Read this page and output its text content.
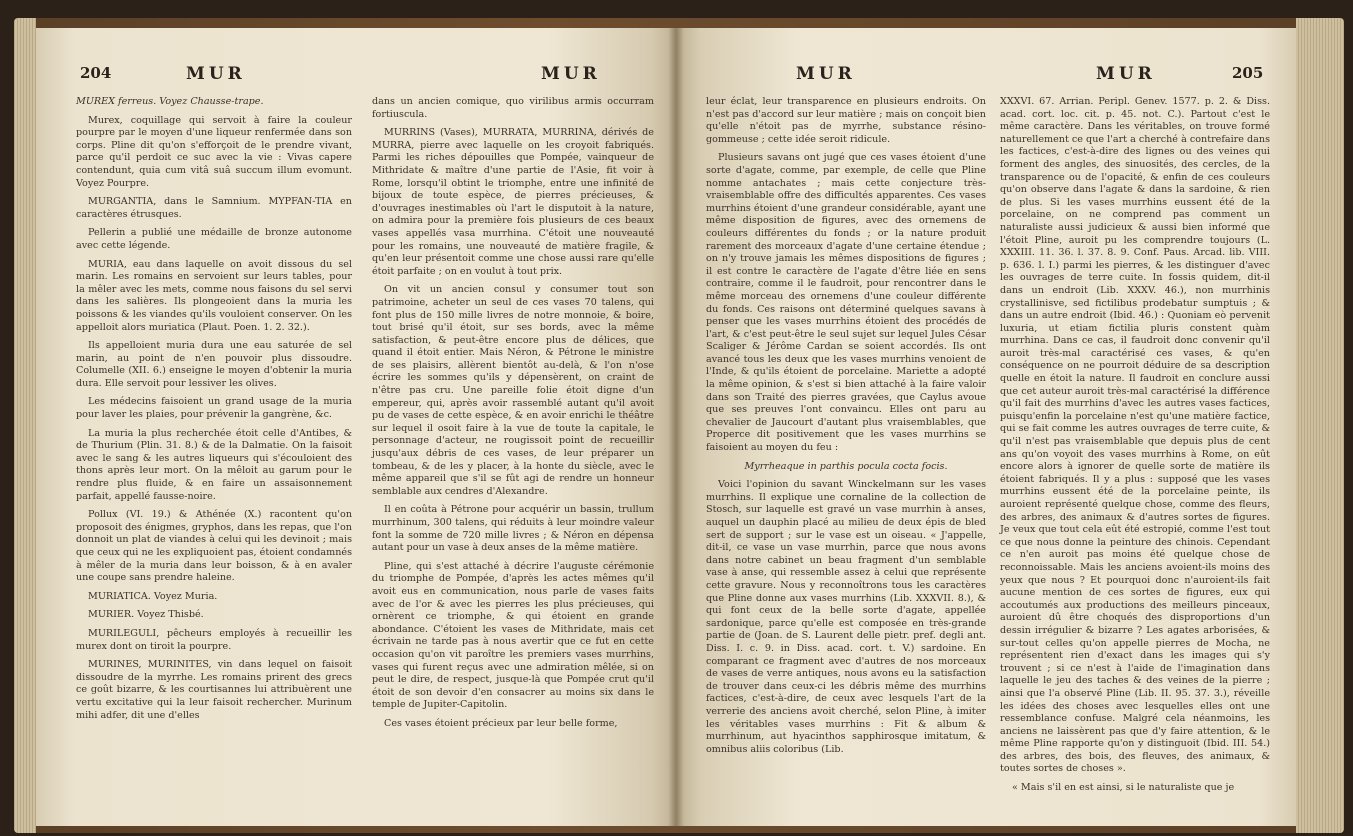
204	MUR	MUR

MUREX ferreus. Voyez Chausse-trape.

Murex, coquillage qui servoit à faire la couleur pourpre par le moyen d'une liqueur renfermée dans son corps. Pline dit qu'on s'efforçoit de le prendre vivant, parce qu'il perdoit ce suc avec la vie : Vivas capere contendunt, quia cum vitâ suâ succum illum evomunt. Voyez Pourpre.

MURGANTIA, dans le Samnium. MYPFAN-TIA en caractères étrusques.

Pellerin a publié une médaille de bronze autonome avec cette légende.

MURIA, eau dans laquelle on avoit dissous du sel marin. Les romains en servoient sur leurs tables, pour la mêler avec les mets, comme nous faisons du sel servi dans les salières. Ils plongeoient dans la muria les poissons & les viandes qu'ils vouloient conserver. On les appelloit alors muriatica (Plaut. Poen. 1. 2. 32.).

Ils appelloient muria dura une eau saturée de sel marin, au point de n'en pouvoir plus dissoudre. Columelle (XII. 6.) enseigne le moyen d'obtenir la muria dura. Elle servoit pour lessiver les olives.

Les médecins faisoient un grand usage de la muria pour laver les plaies, pour prévenir la gangrène, &c.

La muria la plus recherchée étoit celle d'Antibes, & de Thurium (Plin. 31. 8.) & de la Dalmatie. On la faisoit avec le sang & les autres liqueurs qui s'écouloient des thons après leur mort. On la mêloit au garum pour le rendre plus fluide, & en faire un assaisonnement parfait, appellé fausse-noire.

Pollux (VI. 19.) & Athénée (X.) racontent qu'on proposoit des énigmes, gryphos, dans les repas, que l'on donnoit un plat de viandes à celui qui les devinoit ; mais que ceux qui ne les expliquoient pas, étoient condamnés à mêler de la muria dans leur boisson, & à en avaler une coupe sans prendre haleine.

MURIATICA. Voyez Muria.

MURIER. Voyez Thisbé.

MURILEGULI, pêcheurs employés à recueillir les murex dont on tiroit la pourpre.

MURINES, MURINITES, vin dans lequel on faisoit dissoudre de la myrrhe. Les romains prirent des grecs ce goût bizarre, & les courtisannes lui attribuèrent une vertu excitative qui la leur faisoit rechercher. Murinum mihi adfer, dit une d'elles

dans un ancien comique, quo virilibus armis occurram fortiuscula.

MURRINS (Vases), MURRATA, MURRINA, dérivés de MURRA, pierre avec laquelle on les croyoit fabriqués. Parmi les riches dépouilles que Pompée, vainqueur de Mithridate & maître d'une partie de l'Asie, fit voir à Rome, lorsqu'il obtint le triomphe, entre une infinité de bijoux de toute espèce, de pierres précieuses, & d'ouvrages inestimables où l'art le disputoit à la nature, on admira pour la première fois plusieurs de ces beaux vases appellés vasa murrhina. C'étoit une nouveauté pour les romains, une nouveauté de matière fragile, & qu'en leur présentoit comme une chose aussi rare qu'elle étoit parfaite ; on en voulut à tout prix.

On vit un ancien consul y consumer tout son patrimoine, acheter un seul de ces vases 70 talens, qui font plus de 150 mille livres de notre monnoie, & boire, tout brisé qu'il étoit, sur ses bords, avec la même satisfaction, & peut-être encore plus de délices, que quand il étoit entier. Mais Néron, & Pétrone le ministre de ses plaisirs, allèrent bientôt au-delà, & l'on n'ose écrire les sommes qu'ils y dépensèrent, on craint de n'être pas cru. Une pareille folie étoit digne d'un empereur, qui, après avoir rassemblé autant qu'il avoit pu de vases de cette espèce, & en avoir enrichi le théâtre sur lequel il osoit faire à la vue de toute la capitale, le personnage d'acteur, ne rougissoit point de recueillir jusqu'aux débris de ces vases, de leur préparer un tombeau, & de les y placer, à la honte du siècle, avec le même appareil que s'il se fût agi de rendre un honneur semblable aux cendres d'Alexandre.

Il en coûta à Pétrone pour acquérir un bassin, trullum murrhinum, 300 talens, qui réduits à leur moindre valeur font la somme de 720 mille livres ; & Néron en dépensa autant pour un vase à deux anses de la même matière.

Pline, qui s'est attaché à décrire l'auguste cérémonie du triomphe de Pompée, d'après les actes mêmes qu'il avoit eus en communication, nous parle de vases faits avec de l'or & avec les pierres les plus précieuses, qui ornèrent ce triomphe, & qui étoient en grande abondance. C'étoient les vases de Mithridate, mais cet écrivain ne tarde pas à nous avertir que ce fut en cette occasion qu'on vit paroître les premiers vases murrhins, vases qui furent reçus avec une admiration mêlée, si on peut le dire, de respect, jusque-là que Pompée crut qu'il étoit de son devoir d'en consacrer au moins six dans le temple de Jupiter-Capitolin.

Ces vases étoient précieux par leur belle forme,

MUR	MUR	205

leur éclat, leur transparence en plusieurs endroits. On n'est pas d'accord sur leur matière ; mais on conçoit bien qu'elle n'étoit pas de myrrhe, substance résino-gommeuse ; cette idée seroit ridicule.

Plusieurs savans ont jugé que ces vases étoient d'une sorte d'agate, comme, par exemple, de celle que Pline nomme antachates ; mais cette conjecture très-vraisemblable offre des difficultés apparentes. Ces vases murrhins étoient d'une grandeur considérable, ayant une même disposition de figures, avec des ornemens de couleurs différentes du fonds ; or la nature produit rarement des morceaux d'agate d'une certaine étendue ; on n'y trouve jamais les mêmes dispositions de figures ; il est contre le caractère de l'agate d'être liée en sens contraire, comme il le faudroit, pour rencontrer dans le même morceau des ornemens d'une couleur différente du fonds. Ces raisons ont déterminé quelques savans à penser que les vases murrhins étoient des procédés de l'art, & c'est peut-être le seul sujet sur lequel Jules César Scaliger & Jérôme Cardan se soient accordés. Ils ont avancé tous les deux que les vases murrhins venoient de l'Inde, & qu'ils étoient de porcelaine. Mariette a adopté la même opinion, & s'est si bien attaché à la faire valoir dans son Traité des pierres gravées, que Caylus avoue que ses preuves l'ont convaincu. Elles ont paru au chevalier de Jaucourt d'autant plus vraisemblables, que Properce dit positivement que les vases murrhins se faisoient au moyen du feu :

Myrrheaque in parthis pocula cocta focis.

Voici l'opinion du savant Winckelmann sur les vases murrhins. Il explique une cornaline de la collection de Stosch, sur laquelle est gravé un vase murrhin à anses, auquel un dauphin placé au milieu de deux épis de bled sert de support ; sur le vase est un oiseau. « J'appelle, dit-il, ce vase un vase murrhin, parce que nous avons dans notre cabinet un beau fragment d'un semblable vase à anse, qui ressemble assez à celui que représente cette gravure. Nous y reconnoîtrons tous les caractères que Pline donne aux vases murrhins (Lib. XXXVII. 8.), & qui font ceux de la belle sorte d'agate, appellée sardonique, parce qu'elle est composée en très-grande partie de (Joan. de S. Laurent delle pietr. pref. degli ant. Diss. I. c. 9. in Diss. acad. cort. t. V.) sardoine. En comparant ce fragment avec d'autres de nos morceaux de vases de verre antiques, nous avons eu la satisfaction de trouver dans ceux-ci les débris même des murrhins factices, c'est-à-dire, de ceux avec lesquels l'art de la verrerie des anciens avoit cherché, selon Pline, à imiter les véritables vases murrhins : Fit & album & murrhinum, aut hyacinthos sapphirosque imitatum, & omnibus aliis coloribus (Lib.

XXXVI. 67. Arrian. Peripl. Genev. 1577. p. 2. & Diss. acad. cort. loc. cit. p. 45. not. C.). Partout c'est le même caractère. Dans les véritables, on trouve formé naturellement ce que l'art a cherché à contrefaire dans les factices, c'est-à-dire des lignes ou des veines qui forment des angles, des sinuosités, des cercles, de la transparence ou de l'opacité, & enfin de ces couleurs qu'on observe dans l'agate & dans la sardoine, & rien de plus. Si les vases murrhins eussent été de la porcelaine, on ne comprend pas comment un naturaliste aussi judicieux & aussi bien informé que l'étoit Pline, auroit pu les comprendre toujours (L. XXXIII. 11. 36. l. 37. 8. 9. Conf. Paus. Arcad. lib. VIII. p. 636. l. I.) parmi les pierres, & les distinguer d'avec les ouvrages de terre cuite. In fossis quidem, dit-il dans un endroit (Lib. XXXV. 46.), non murrhinis crystallinisve, sed fictilibus prodebatur sumptuis ; & dans un autre endroit (Ibid. 46.) : Quoniam eò pervenit luxuria, ut etiam fictilia pluris constent quàm murrhina. Dans ce cas, il faudroit donc convenir qu'il auroit très-mal caractérisé ces vases, & qu'en conséquence on ne pourroit déduire de sa description quelle en étoit la nature. Il faudroit en conclure aussi que cet auteur auroit très-mal caractérisé la différence qu'il fait des murrhins d'avec les autres vases factices, puisqu'enfin la porcelaine n'est qu'une matière factice, qui se fait comme les autres ouvrages de terre cuite, & qu'il n'est pas vraisemblable que depuis plus de cent ans qu'on voyoit des vases murrhins à Rome, on eût encore alors à ignorer de quelle sorte de matière ils étoient fabriqués. Il y a plus : supposé que les vases murrhins eussent été de la porcelaine peinte, ils auroient représenté quelque chose, comme des fleurs, des arbres, des animaux & d'autres sortes de figures. Je veux que tout cela eût été estropié, comme l'est tout ce que nous donne la peinture des chinois. Cependant ce n'en auroit pas moins été quelque chose de reconnoissable. Mais les anciens avoient-ils moins des yeux que nous ? Et pourquoi donc n'auroient-ils fait aucune mention de ces sortes de figures, eux qui accoutumés aux productions des meilleurs pinceaux, auroient dû être choqués des disproportions d'un dessin irrégulier & bizarre ? Les agates arborisées, & sur-tout celles qu'on appelle pierres de Mocha, ne représentent rien d'exact dans les images qui s'y trouvent ; si ce n'est à l'aide de l'imagination dans laquelle le jeu des taches & des veines de la pierre ; ainsi que l'a observé Pline (Lib. II. 95. 37. 3.), réveille les idées des choses avec lesquelles elles ont une ressemblance confuse. Malgré cela néanmoins, les anciens ne laissèrent pas que d'y faire attention, & le même Pline rapporte qu'on y distinguoit (Ibid. III. 54.) des arbres, des bois, des fleuves, des animaux, & toutes sortes de choses ».

« Mais s'il en est ainsi, si le naturaliste que je
